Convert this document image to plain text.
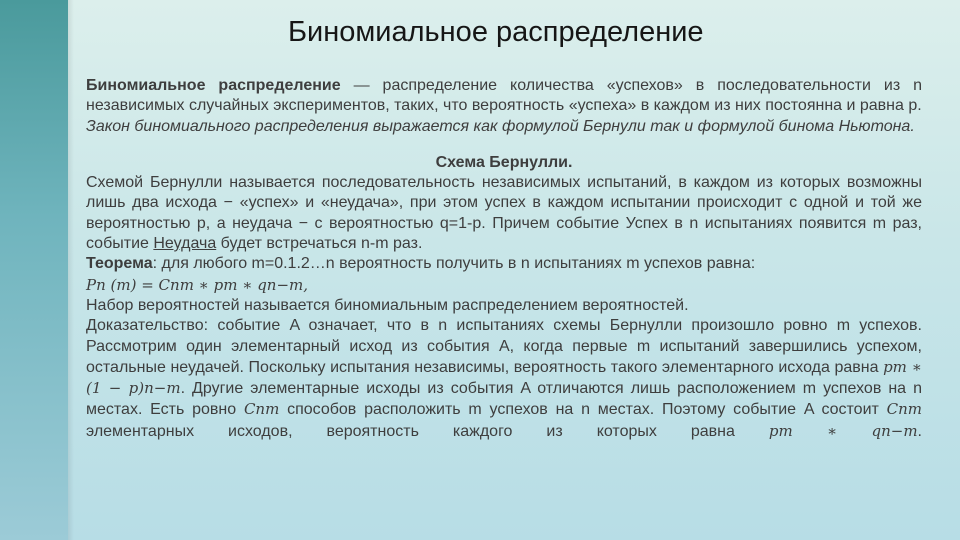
Биномиальное распределение

Биномиальное распределение — распределение количества «успехов» в последовательности из n независимых случайных экспериментов, таких, что вероятность «успеха» в каждом из них постоянна и равна p.
Закон биномиального распределения выражается как формулой Бернули так и формулой бинома Ньютона.

Схема Бернулли.

Схемой Бернулли называется последовательность независимых испытаний, в каждом из которых возможны лишь два исхода − «успех» и «неудача», при этом успех в каждом испытании происходит с одной и той же вероятностью p, а неудача − с вероятностью q=1-p. Причем событие Успех в n испытаниях появится m раз, событие Неудача будет встречаться n-m раз.

Теорема: для любого m=0.1.2…n вероятность получить в n испытаниях m успехов равна:

Pn (m) = Cnm ∗ pm ∗ qn−m,

Набор вероятностей называется биномиальным распределением вероятностей.

Доказательство: событие A означает, что в n испытаниях схемы Бернулли произошло ровно m успехов. Рассмотрим один элементарный исход из события A, когда первые m испытаний завершились успехом, остальные неудачей. Поскольку испытания независимы, вероятность такого элементарного исхода равна pm ∗ (1 − p)n−m. Другие элементарные исходы из события A отличаются лишь расположением m успехов на n местах. Есть ровно Cnm способов расположить m успехов на n местах. Поэтому событие A состоит Cnm элементарных исходов, вероятность каждого из которых равна pm ∗ qn−m.
